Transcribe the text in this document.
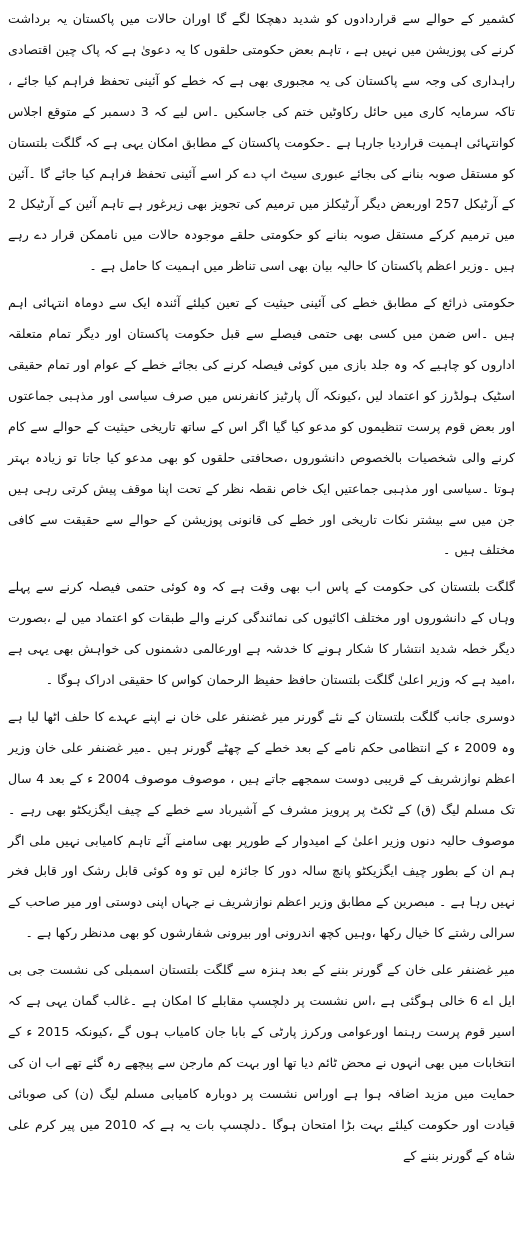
کشمیر کے حوالے سے قراردادوں کو شدید دھچکا لگے گا اوران حالات میں پاکستان یہ برداشت کرنے کی پوزیشن میں نہیں ہے ، تاہم بعض حکومتی حلقوں کا یہ دعویٰ ہے کہ پاک چین اقتصادی راہداری کی وجہ سے پاکستان کی یہ مجبوری بھی ہے کہ خطے کو آئینی تحفظ فراہم کیا جائے ، تاکہ سرمایہ کاری میں حائل رکاوٹیں ختم کی جاسکیں ۔اس لیے کہ 3 دسمبر کے متوقع اجلاس کوانتہائی اہمیت قراردیا جارہا ہے ۔حکومت پاکستان کے مطابق امکان یہی ہے کہ گلگت بلتستان کو مستقل صوبہ بنانے کی بجائے عبوری سیٹ اپ دے کر اسے آئینی تحفظ فراہم کیا جائے گا ۔آئین کے آرٹیکل 257 اوربعض دیگر آرٹیکلز میں ترمیم کی تجویز بھی زیرغور ہے تاہم آئین کے آرٹیکل 2 میں ترمیم کرکے مستقل صوبہ بنانے کو حکومتی حلقے موجودہ حالات میں ناممکن قرار دے رہے ہیں ۔وزیر اعظم پاکستان کا حالیہ بیان بھی اسی تناظر میں اہمیت کا حامل ہے ۔

حکومتی ذرائع کے مطابق خطے کی آئینی حیثیت کے تعین کیلئے آئندہ ایک سے دوماہ انتہائی اہم ہیں ۔اس ضمن میں کسی بھی حتمی فیصلے سے قبل حکومت پاکستان اور دیگر تمام متعلقہ اداروں کو چاہیے کہ وہ جلد بازی میں کوئی فیصلہ کرنے کی بجائے خطے کے عوام اور تمام حقیقی اسٹیک ہولڈرز کو اعتماد لیں ،کیونکہ آل پارٹیز کانفرنس میں صرف سیاسی اور مذہبی جماعتوں اور بعض قوم پرست تنظیموں کو مدعو کیا گیا اگر اس کے ساتھ تاریخی حیثیت کے حوالے سے کام کرنے والی شخصیات بالخصوص دانشوروں ،صحافتی حلقوں کو بھی مدعو کیا جاتا تو زیادہ بہتر ہوتا ۔سیاسی اور مذہبی جماعتیں ایک خاص نقطہ نظر کے تحت اپنا موقف پیش کرتی رہی ہیں جن میں سے بیشتر نکات تاریخی اور خطے کی قانونی پوزیشن کے حوالے سے حقیقت سے کافی مختلف ہیں ۔

گلگت بلتستان کی حکومت کے پاس اب بھی وقت ہے کہ وہ کوئی حتمی فیصلہ کرنے سے پہلے وہاں کے دانشوروں اور مختلف اکائیوں کی نمائندگی کرنے والے طبقات کو اعتماد میں لے ،بصورت دیگر خطہ شدید انتشار کا شکار ہونے کا خدشہ ہے اورعالمی دشمنوں کی خواہش بھی یہی ہے ،امید ہے کہ وزیر اعلیٰ گلگت بلتستان حافظ حفیظ الرحمان کواس کا حقیقی ادراک ہوگا ۔

دوسری جانب گلگت بلتستان کے نئے گورنر میر غضنفر علی خان نے اپنے عہدے کا حلف اٹھا لیا ہے وہ 2009 ء کے انتظامی حکم نامے کے بعد خطے کے چھٹے گورنر ہیں ۔میر غضنفر علی خان وزیر اعظم نوازشریف کے قریبی دوست سمجھے جاتے ہیں ، موصوف موصوف 2004 ء کے بعد 4 سال تک مسلم لیگ (ق) کے ٹکٹ پر پرویز مشرف کے آشیرباد سے خطے کے چیف ایگزیکٹو بھی رہے ۔موصوف حالیہ دنوں وزیر اعلیٰ کے امیدوار کے طورپر بھی سامنے آئے تاہم کامیابی نہیں ملی اگر ہم ان کے بطور چیف ایگزیکٹو پانچ سالہ دور کا جائزہ لیں تو وہ کوئی قابل رشک اور قابل فخر نہیں رہا ہے ۔ مبصرین کے مطابق وزیر اعظم نوازشریف نے جہاں اپنی دوستی اور میر صاحب کے سرالی رشتے کا خیال رکھا ،وہیں کچھ اندرونی اور بیرونی شفارشوں کو بھی مدنظر رکھا ہے ۔

میر غضنفر علی خان کے گورنر بننے کے بعد ہنزہ سے گلگت بلتستان اسمبلی کی نشست جی بی ایل اے 6 خالی ہوگئی ہے ،اس نشست پر دلچسپ مقابلے کا امکان ہے ۔غالب گمان یہی ہے کہ اسیر قوم پرست رہنما اورعوامی ورکرز پارٹی کے بابا جان کامیاب ہوں گے ،کیونکہ 2015 ء کے انتخابات میں بھی انہوں نے محض ٹائم دیا تھا اور بہت کم مارجن سے پیچھے رہ گئے تھے اب ان کی حمایت میں مزید اضافہ ہوا ہے اوراس نشست پر دوبارہ کامیابی مسلم لیگ (ن) کی صوبائی قیادت اور حکومت کیلئے بہت بڑا امتحان ہوگا ۔دلچسپ بات یہ ہے کہ 2010 میں پیر کرم علی شاہ کے گورنر بننے کے
